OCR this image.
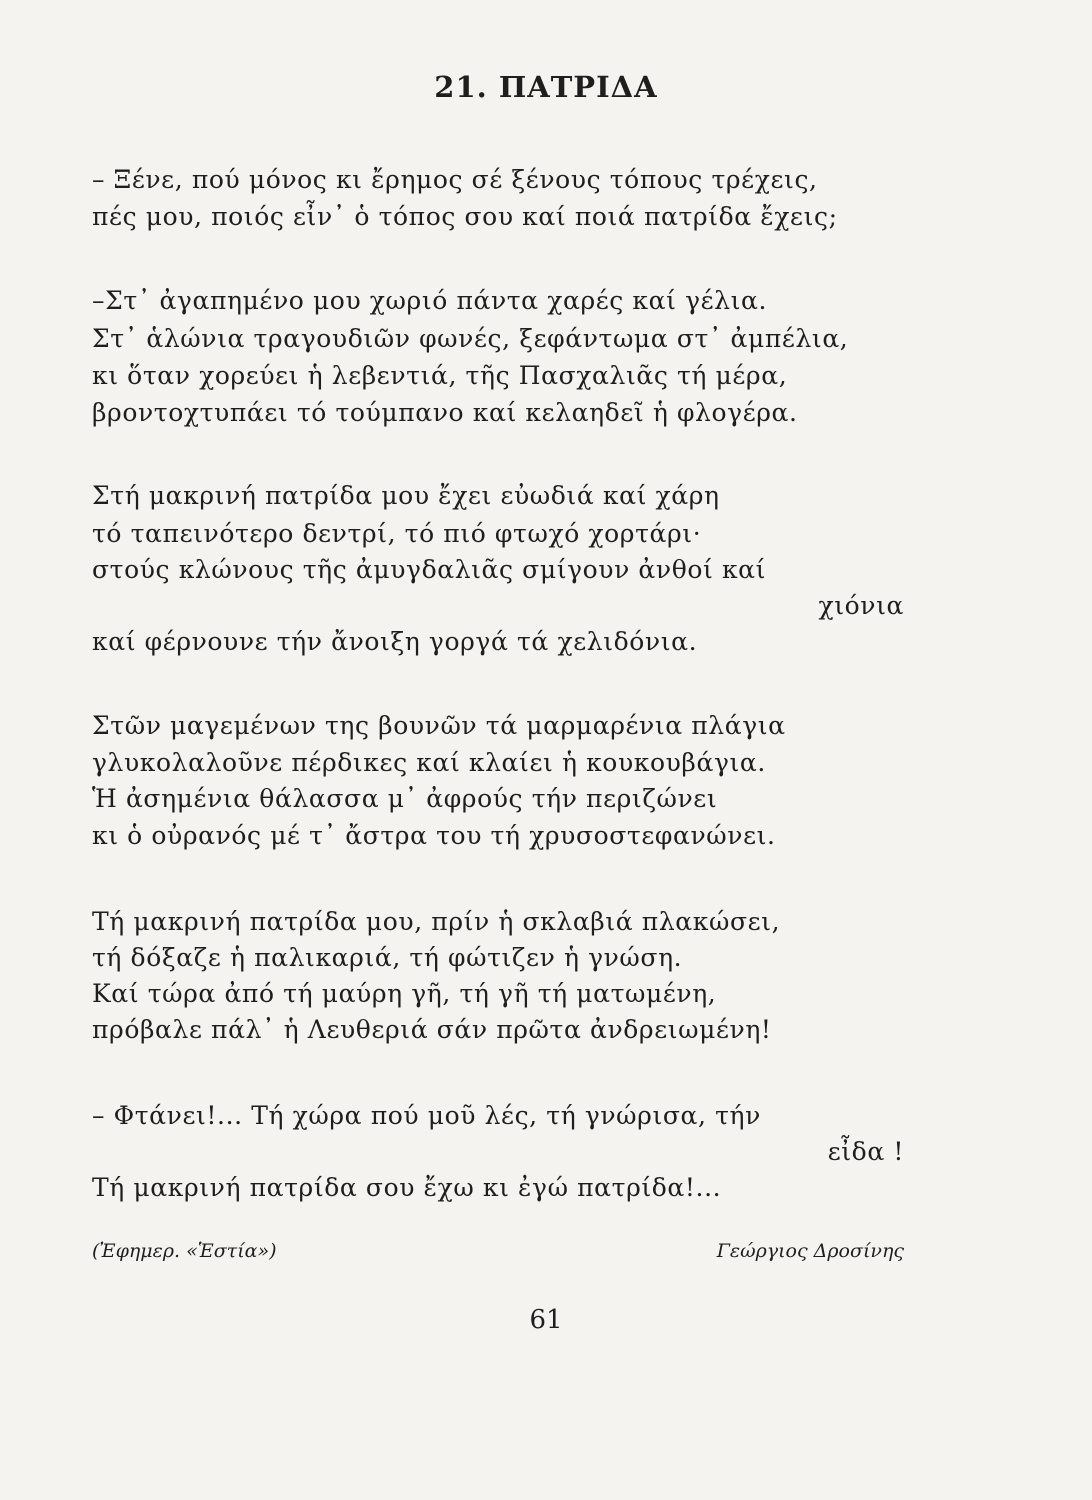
21. ΠΑΤΡΙΔΑ

– Ξένε, πού μόνος κι ἔρημος σέ ξένους τόπους τρέχεις,

πές μου, ποιός εἶν᾽ ὁ τόπος σου καί ποιά πατρίδα ἔχεις;

–Στ᾽ ἀγαπημένο μου χωριό πάντα χαρές καί γέλια.

Στ᾽ ἁλώνια τραγουδιῶν φωνές, ξεφάντωμα στ᾽ ἀμπέλια,

κι ὅταν χορεύει ἡ λεβεντιά, τῆς Πασχαλιᾶς τή μέρα,

βροντοχτυπάει τό τούμπανο καί κελαηδεῖ ἡ φλογέρα.

Στή μακρινή πατρίδα μου ἔχει εὐωδιά καί χάρη

τό ταπεινότερο δεντρί, τό πιό φτωχό χορτάρι·

στούς κλώνους τῆς ἀμυγδαλιᾶς σμίγουν ἀνθοί καί

χιόνια

καί φέρνουνε τήν ἄνοιξη γοργά τά χελιδόνια.

Στῶν μαγεμένων της βουνῶν τά μαρμαρένια πλάγια

γλυκολαλοῦνε πέρδικες καί κλαίει ἡ κουκουβάγια.

Ἡ ἀσημένια θάλασσα μ᾽ ἀφρούς τήν περιζώνει

κι ὁ οὐρανός μέ τ᾽ ἄστρα του τή χρυσοστεφανώνει.

Τή μακρινή πατρίδα μου, πρίν ἡ σκλαβιά πλακώσει,

τή δόξαζε ἡ παλικαριά, τή φώτιζεν ἡ γνώση.

Καί τώρα ἀπό τή μαύρη γῆ, τή γῆ τή ματωμένη,

πρόβαλε πάλ᾽ ἡ Λευθεριά σάν πρῶτα ἀνδρειωμένη!

– Φτάνει!... Τή χώρα πού μοῦ λές, τή γνώρισα, τήν

εἶδα !

Τή μακρινή πατρίδα σου ἔχω κι ἐγώ πατρίδα!...

(Ἐφημερ. «Ἑστία»)	Γεώργιος Δροσίνης

61
